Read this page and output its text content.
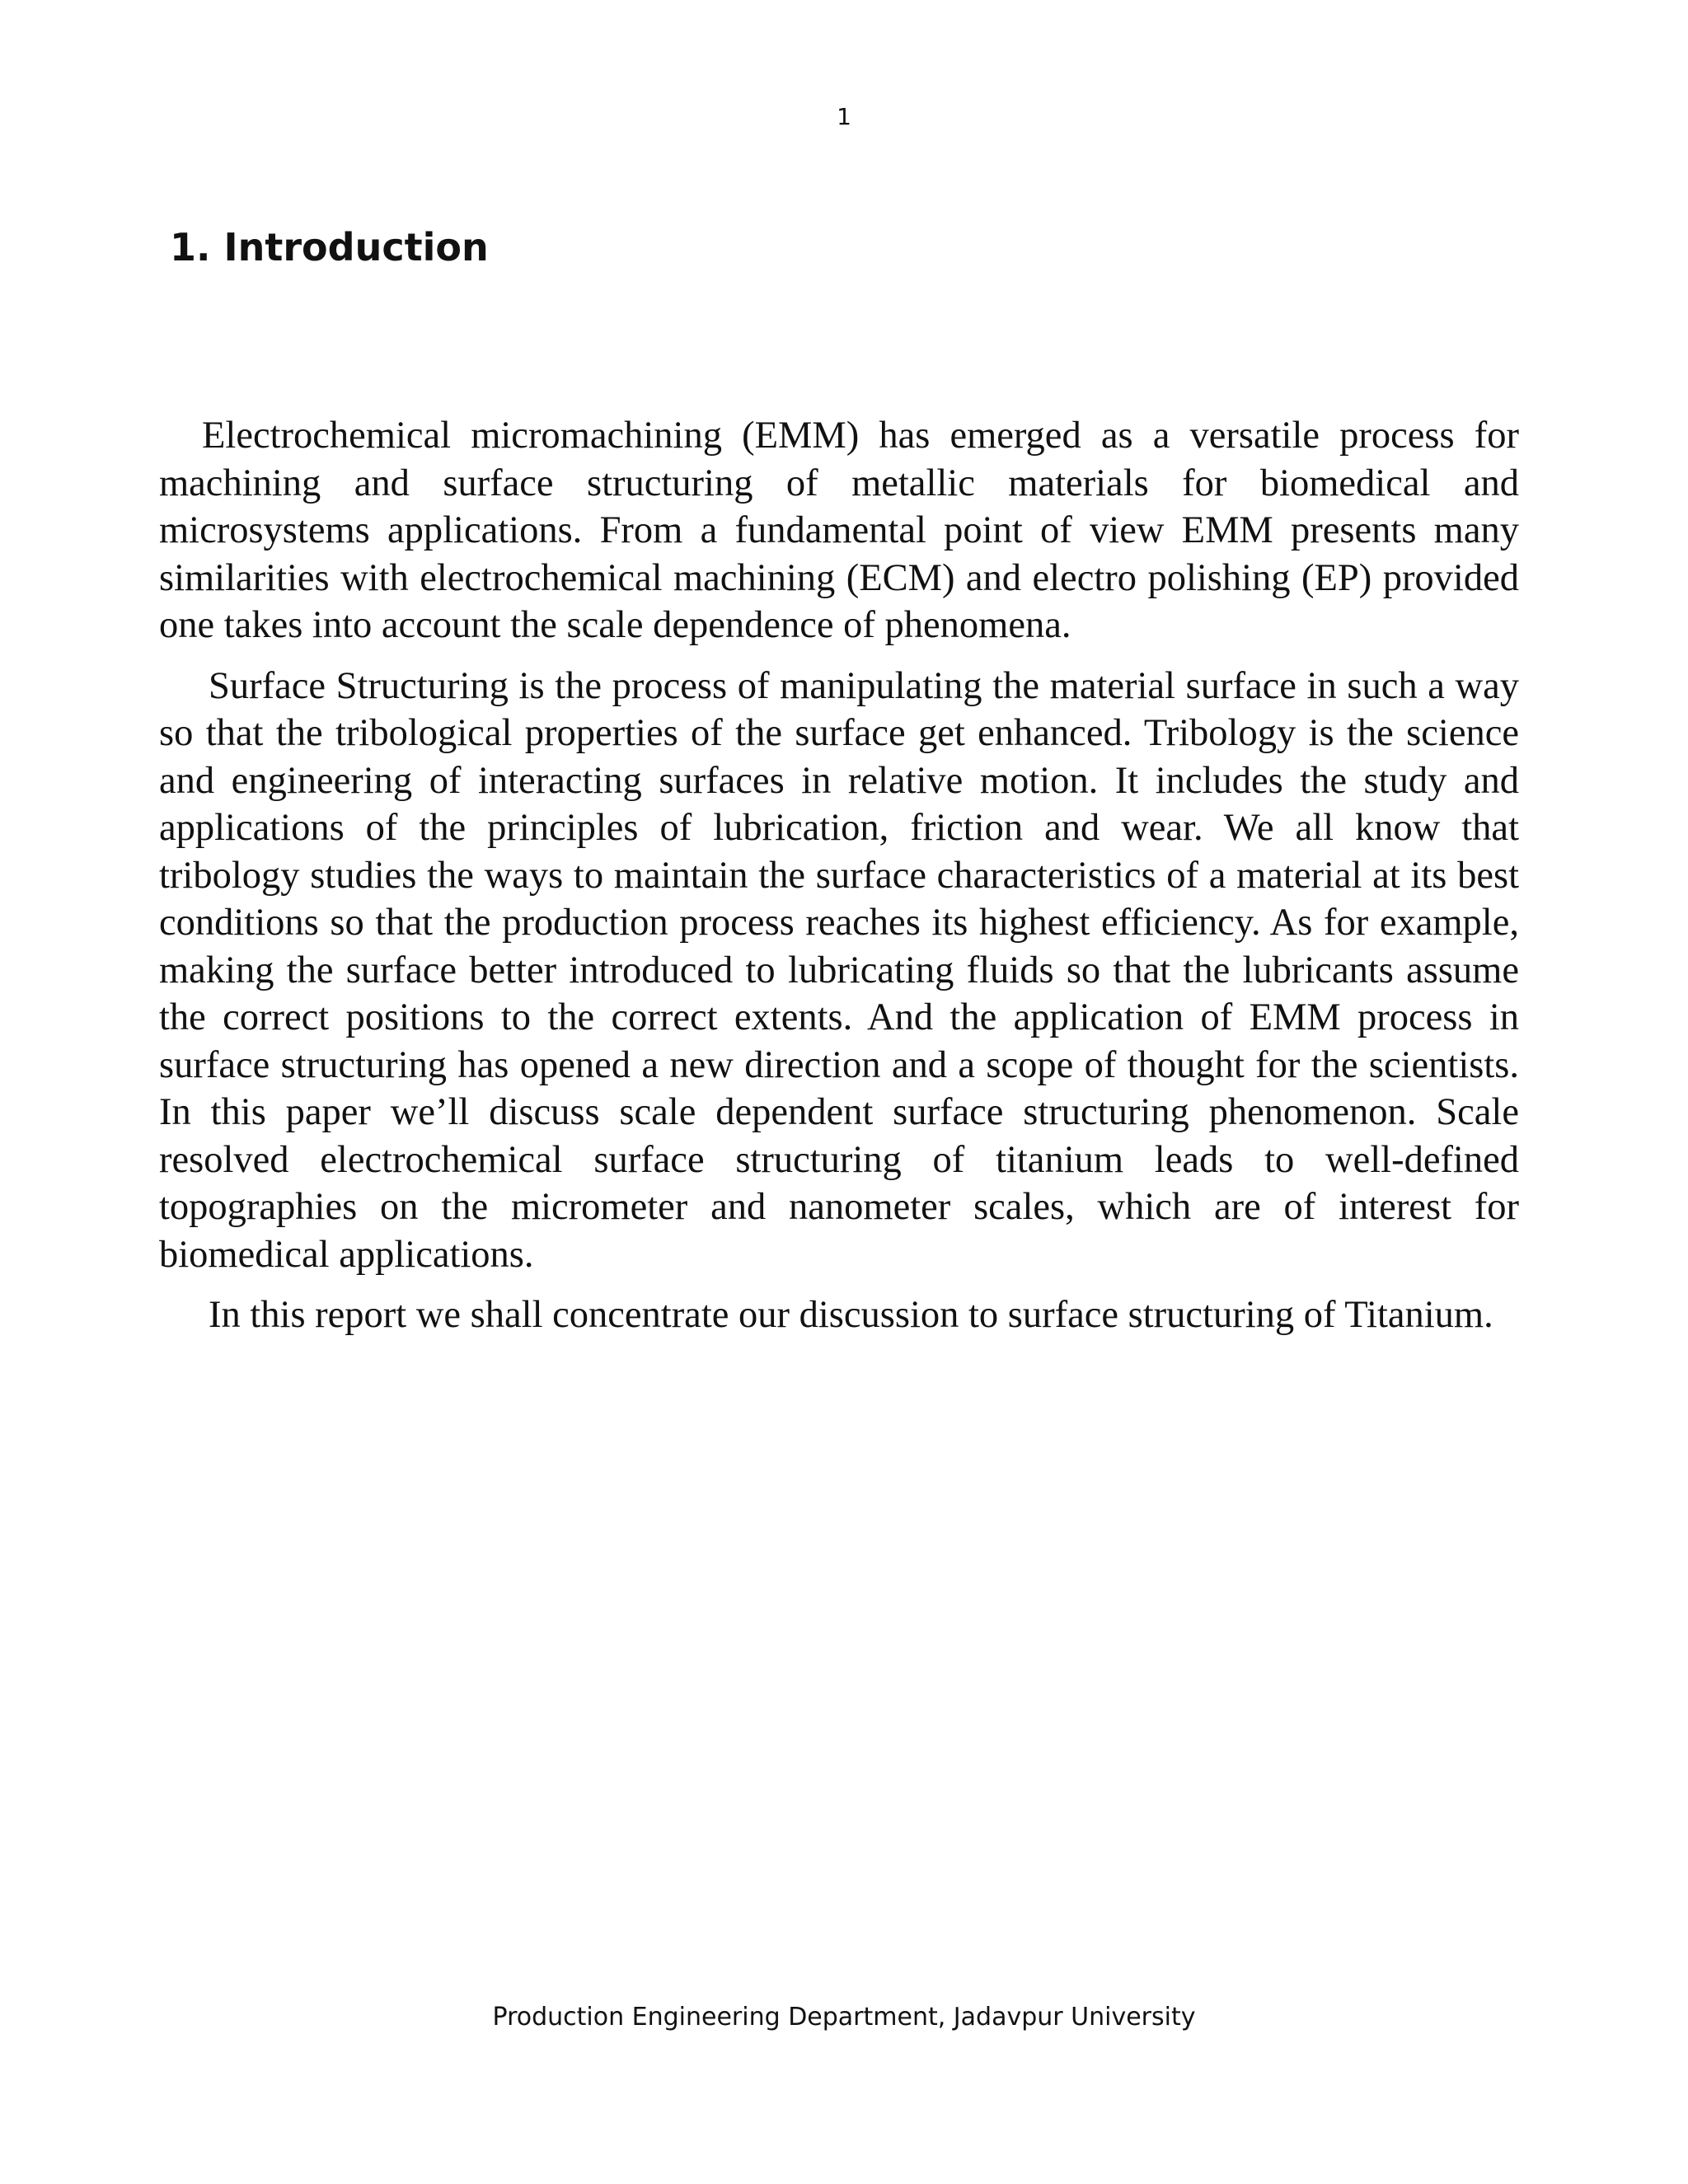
1
1. Introduction

Electrochemical micromachining (EMM) has emerged as a versatile process for machining and surface structuring of metallic materials for biomedical and microsystems applications. From a fundamental point of view EMM presents many similarities with electrochemical machining (ECM) and electro polishing (EP) provided one takes into account the scale dependence of phenomena.

Surface Structuring is the process of manipulating the material surface in such a way so that the tribological properties of the surface get enhanced. Tribology is the science and engineering of interacting surfaces in relative motion. It includes the study and applications of the principles of lubrication, friction and wear. We all know that tribology studies the ways to maintain the surface characteristics of a material at its best conditions so that the production process reaches its highest efficiency. As for example, making the surface better introduced to lubricating fluids so that the lubricants assume the correct positions to the correct extents. And the application of EMM process in surface structuring has opened a new direction and a scope of thought for the scientists. In this paper we’ll discuss scale dependent surface structuring phenomenon. Scale resolved electrochemical surface structuring of titanium leads to well-defined topographies on the micrometer and nanometer scales, which are of interest for biomedical applications.

In this report we shall concentrate our discussion to surface structuring of Titanium.

Production Engineering Department, Jadavpur University
